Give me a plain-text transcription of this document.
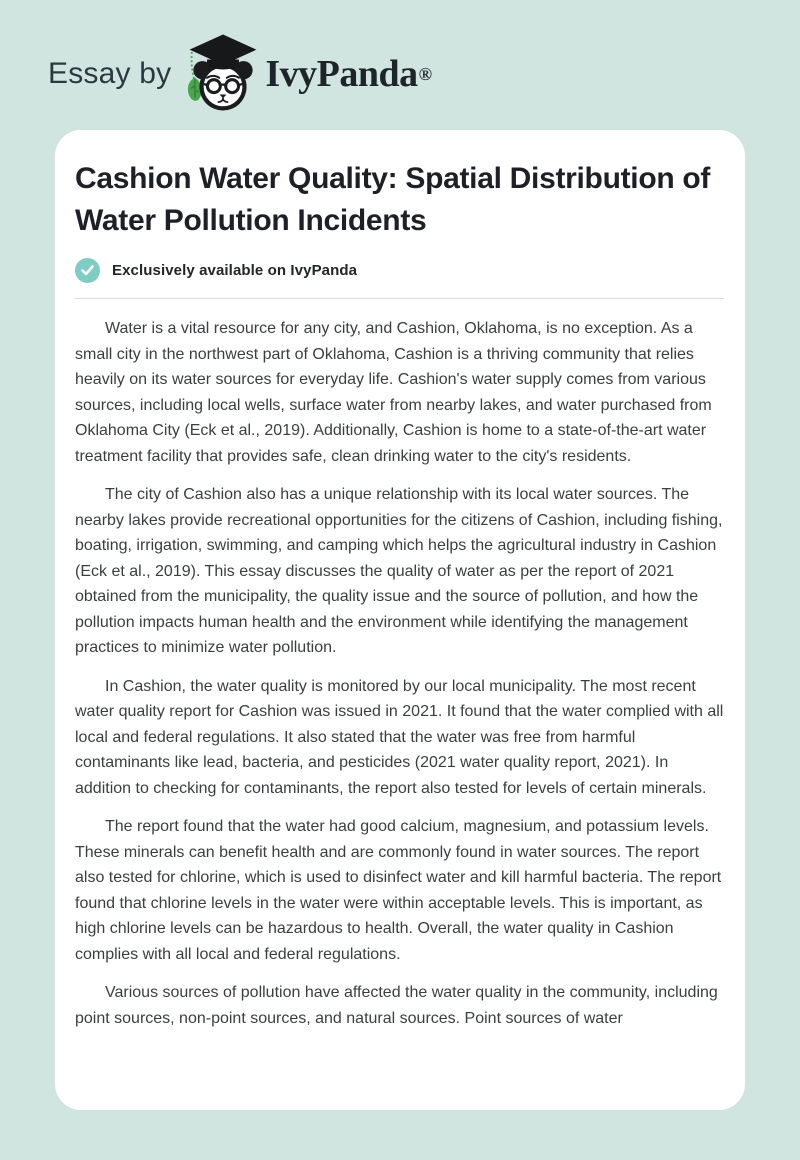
Essay by IvyPanda ®
Cashion Water Quality: Spatial Distribution of Water Pollution Incidents
Exclusively available on IvyPanda

Water is a vital resource for any city, and Cashion, Oklahoma, is no exception. As a small city in the northwest part of Oklahoma, Cashion is a thriving community that relies heavily on its water sources for everyday life. Cashion's water supply comes from various sources, including local wells, surface water from nearby lakes, and water purchased from Oklahoma City (Eck et al., 2019). Additionally, Cashion is home to a state-of-the-art water treatment facility that provides safe, clean drinking water to the city's residents.

The city of Cashion also has a unique relationship with its local water sources. The nearby lakes provide recreational opportunities for the citizens of Cashion, including fishing, boating, irrigation, swimming, and camping which helps the agricultural industry in Cashion (Eck et al., 2019). This essay discusses the quality of water as per the report of 2021 obtained from the municipality, the quality issue and the source of pollution, and how the pollution impacts human health and the environment while identifying the management practices to minimize water pollution.

In Cashion, the water quality is monitored by our local municipality. The most recent water quality report for Cashion was issued in 2021. It found that the water complied with all local and federal regulations. It also stated that the water was free from harmful contaminants like lead, bacteria, and pesticides (2021 water quality report, 2021). In addition to checking for contaminants, the report also tested for levels of certain minerals.

The report found that the water had good calcium, magnesium, and potassium levels. These minerals can benefit health and are commonly found in water sources. The report also tested for chlorine, which is used to disinfect water and kill harmful bacteria. The report found that chlorine levels in the water were within acceptable levels. This is important, as high chlorine levels can be hazardous to health. Overall, the water quality in Cashion complies with all local and federal regulations.

Various sources of pollution have affected the water quality in the community, including point sources, non-point sources, and natural sources. Point sources of water
